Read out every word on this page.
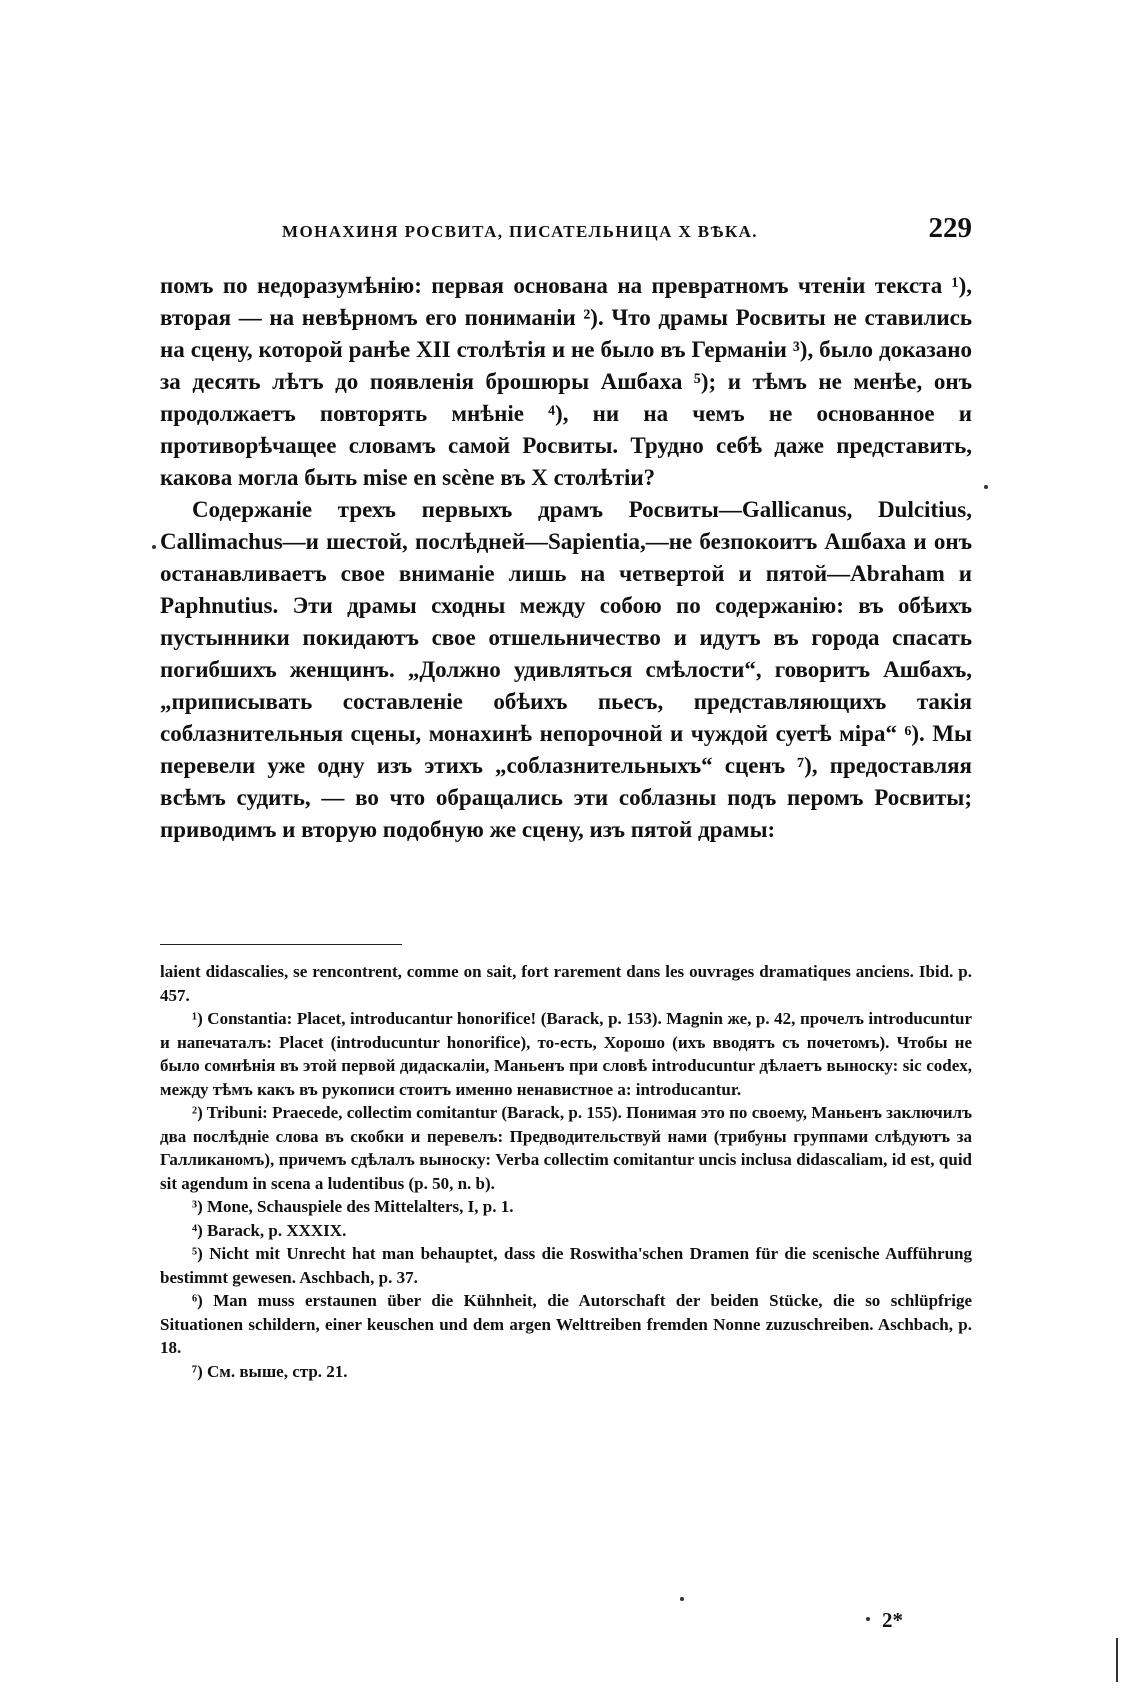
МОНАХИНЯ РОСВИТА, ПИСАТЕЛЬНИЦА X ВѢКА.	229

помъ по недоразумѣнію: первая основана на превратномъ чтеніи текста ¹), вторая — на невѣрномъ его пониманіи ²). Что драмы Росвиты не ставились на сцену, которой ранѣе XII столѣтія и не было въ Германіи ³), было доказано за десять лѣтъ до появленія брошюры Ашбаха ⁵); и тѣмъ не менѣе, онъ продолжаетъ повторять мнѣніе ⁴), ни на чемъ не основанное и противорѣчащее словамъ самой Росвиты. Трудно себѣ даже представить, какова могла быть mise en scène въ X столѣтіи?

Содержаніе трехъ первыхъ драмъ Росвиты—Gallicanus, Dulcitius, Callimachus—и шестой, послѣдней—Sapientia,—не безпокоитъ Ашбаха и онъ останавливаетъ свое вниманіе лишь на четвертой и пятой—Abraham и Paphnutius. Эти драмы сходны между собою по содержанію: въ обѣихъ пустынники покидаютъ свое отшельничество и идутъ въ города спасать погибшихъ женщинъ. „Должно удивляться смѣлости“, говоритъ Ашбахъ, „приписывать составленіе обѣихъ пьесъ, представляющихъ такія соблазнительныя сцены, монахинѣ непорочной и чуждой суетѣ міра“ ⁶). Мы перевели уже одну изъ этихъ „соблазнительныхъ“ сценъ ⁷), предоставляя всѣмъ судить, — во что обращались эти соблазны подъ перомъ Росвиты; приводимъ и вторую подобную же сцену, изъ пятой драмы:

laient didascalies, se rencontrent, comme on sait, fort rarement dans les ouvrages dramatiques anciens. Ibid. p. 457.

¹) Constantia: Placet, introducantur honorifice! (Barack, p. 153). Magnin же, p. 42, прочелъ introducuntur и напечаталъ: Placet (introducuntur honorifice), то-есть, Хорошо (ихъ вводятъ съ почетомъ). Чтобы не было сомнѣнія въ этой первой дидаскаліи, Маньенъ при словѣ introducuntur дѣлаетъ выноску: sic codex, между тѣмъ какъ въ рукописи стоитъ именно ненавистное a: introducantur.

²) Tribuni: Praecede, collectim comitantur (Barack, p. 155). Понимая это по своему, Маньенъ заключилъ два послѣдніе слова въ скобки и перевелъ: Предводительствуй нами (трибуны группами слѣдуютъ за Галликаномъ), причемъ сдѣлалъ выноску: Verba collectim comitantur uncis inclusa didascaliam, id est, quid sit agendum in scena a ludentibus (p. 50, n. b).

³) Mone, Schauspiele des Mittelalters, I, p. 1.

⁴) Barack, p. XXXIX.

⁵) Nicht mit Unrecht hat man behauptet, dass die Roswitha'schen Dramen für die scenische Aufführung bestimmt gewesen. Aschbach, p. 37.

⁶) Man muss erstaunen über die Kühnheit, die Autorschaft der beiden Stücke, die so schlüpfrige Situationen schildern, einer keuschen und dem argen Welttreiben fremden Nonne zuzuschreiben. Aschbach, p. 18.

⁷) См. выше, стр. 21.

2*
